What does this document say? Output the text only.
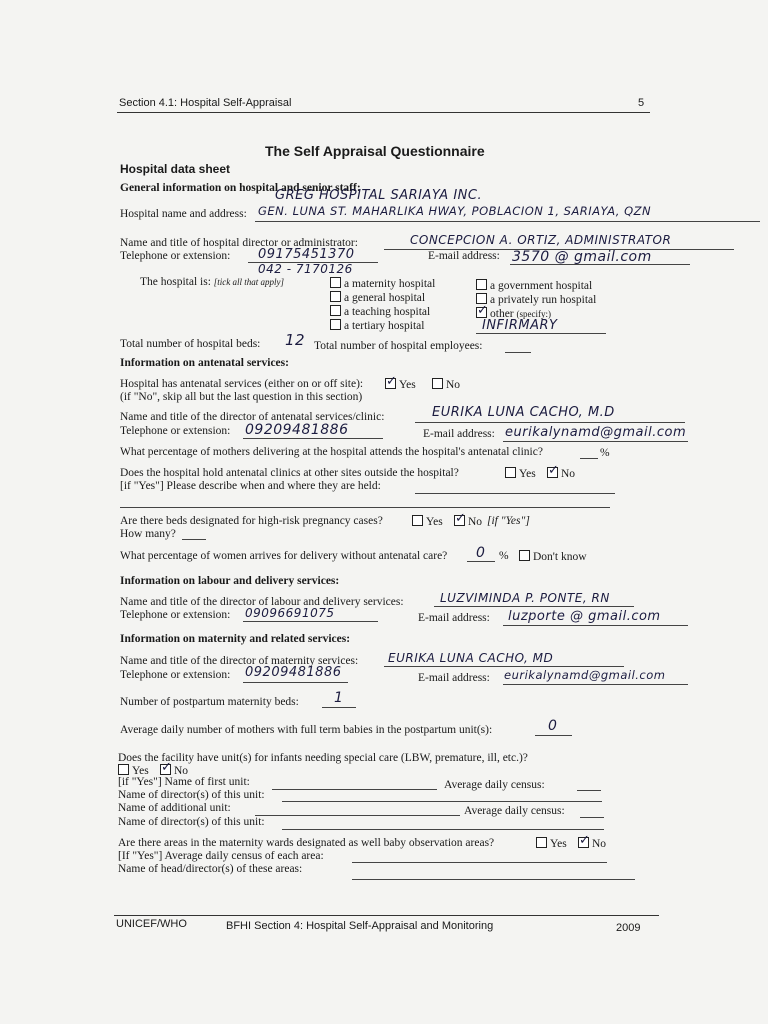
Section 4.1: Hospital Self-Appraisal	5
The Self Appraisal Questionnaire
Hospital data sheet
General information on hospital and senior staff:
GREG HOSPITAL SARIAYA INC.
Hospital name and address: GEN. LUNA ST. MAHARLIKA HWAY, POBLACION 1, SARIAYA, QZN
Name and title of hospital director or administrator:	CONCEPCION A. ORTIZ, ADMINISTRATOR
Telephone or extension: 09175451370
042 - 7170126
E-mail address: 3570 @ gmail.com
The hospital is: [tick all that apply]	a maternity hospital
a general hospital
a teaching hospital
a tertiary hospital
a government hospital
a privately run hospital
✓other (specify:)
INFIRMARY
Total number of hospital beds: 12 Total number of hospital employees:
Information on antenatal services:
Hospital has antenatal services (either on or off site): ✓	Yes	No
(if "No", skip all but the last question in this section)
Name and title of the director of antenatal services/clinic:	EURIKA LUNA CACHO, M.D
Telephone or extension: 09209481886	E-mail address: eurikalynamd@gmail.com
What percentage of mothers delivering at the hospital attends the hospital's antenatal clinic?	%
Does the hospital hold antenatal clinics at other sites outside the hospital?	Yes ✓	No
[if "Yes"] Please describe when and where they are held:
Are there beds designated for high-risk pregnancy cases?	Yes ✓	No [if "Yes"]
How many?
What percentage of women arrives for delivery without antenatal care? 0 %	Don't know
Information on labour and delivery services:
Name and title of the director of labour and delivery services:	LUZVIMINDA P. PONTE, RN
Telephone or extension: 09096691075	E-mail address: luzporte @ gmail.com
Information on maternity and related services:
Name and title of the director of maternity services: EURIKA LUNA CACHO, MD
Telephone or extension: 09209481886	E-mail address: eurikalynamd@gmail.com
Number of postpartum maternity beds:	1
Average daily number of mothers with full term babies in the postpartum unit(s):	0
Does the facility have unit(s) for infants needing special care (LBW, premature, ill, etc.)?
Yes ✓	No
[if "Yes"] Name of first unit:	Average daily census:
Name of director(s) of this unit:
Name of additional unit:	Average daily census:
Name of director(s) of this unit:
Are there areas in the maternity wards designated as well baby observation areas?	Yes ✓	No
[If "Yes"] Average daily census of each area:
Name of head/director(s) of these areas:
UNICEF/WHO	BFHI Section 4: Hospital Self-Appraisal and Monitoring	2009
